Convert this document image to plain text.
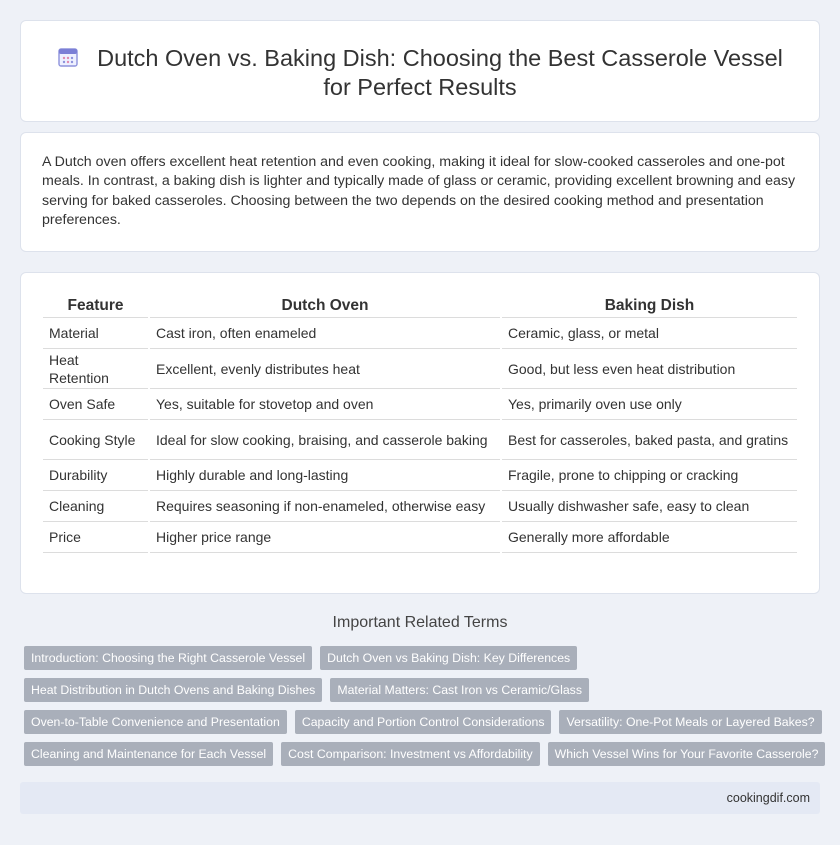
Dutch Oven vs. Baking Dish: Choosing the Best Casserole Vessel
for Perfect Results

A Dutch oven offers excellent heat retention and even cooking, making it ideal for slow-cooked casseroles and one-pot meals. In contrast, a baking dish is lighter and typically made of glass or ceramic, providing excellent browning and easy serving for baked casseroles. Choosing between the two depends on the desired cooking method and presentation preferences.

Feature	Dutch Oven	Baking Dish
Material	Cast iron, often enameled	Ceramic, glass, or metal
Heat Retention	Excellent, evenly distributes heat	Good, but less even heat distribution
Oven Safe	Yes, suitable for stovetop and oven	Yes, primarily oven use only
Cooking Style	Ideal for slow cooking, braising, and casserole baking	Best for casseroles, baked pasta, and gratins
Durability	Highly durable and long-lasting	Fragile, prone to chipping or cracking
Cleaning	Requires seasoning if non-enameled, otherwise easy	Usually dishwasher safe, easy to clean
Price	Higher price range	Generally more affordable
Important Related Terms
Introduction: Choosing the Right Casserole Vessel	Dutch Oven vs Baking Dish: Key Differences
Heat Distribution in Dutch Ovens and Baking Dishes	Material Matters: Cast Iron vs Ceramic/Glass
Oven-to-Table Convenience and Presentation	Capacity and Portion Control Considerations	Versatility: One-Pot Meals or Layered Bakes?
Cleaning and Maintenance for Each Vessel	Cost Comparison: Investment vs Affordability	Which Vessel Wins for Your Favorite Casserole?
cookingdif.com
